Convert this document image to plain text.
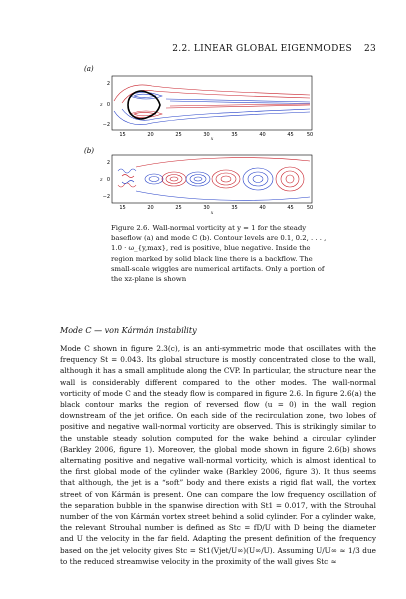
2.2. LINEAR GLOBAL EIGENMODES 23
(a)
z
2
0
−2
15	20	25	30	35	40	45	50
x
(b)
z
2
0
−2
15	20	25	30	35	40	45	50
x
Figure 2.6. Wall-normal vorticity at y = 1 for the steady baseflow (a) and mode C (b). Contour levels are 0.1, 0.2, . . . , 1.0 · ω_{y,max}, red is positive, blue negative. Inside the region marked by solid black line there is a backflow. The small-scale wiggles are numerical artifacts. Only a portion of the xz-plane is shown
Mode C — von Kármán instability

Mode C shown in figure 2.3(c), is an anti-symmetric mode that oscillates with the frequency St = 0.043. Its global structure is mostly concentrated close to the wall, although it has a small amplitude along the CVP. In particular, the structure near the wall is considerably different compared to the other modes. The wall-normal vorticity of mode C and the steady flow is compared in figure 2.6. In figure 2.6(a) the black contour marks the region of reversed flow (u = 0) in the wall region downstream of the jet orifice. On each side of the recirculation zone, two lobes of positive and negative wall-normal vorticity are observed. This is strikingly similar to the unstable steady solution computed for the wake behind a circular cylinder (Barkley 2006, figure 1). Moreover, the global mode shown in figure 2.6(b) shows alternating positive and negative wall-normal vorticity, which is almost identical to the first global mode of the cylinder wake (Barkley 2006, figure 3). It thus seems that although, the jet is a “soft” body and there exists a rigid flat wall, the vortex street of von Kármán is present. One can compare the low frequency oscillation of the separation bubble in the spanwise direction with St1 = 0.017, with the Strouhal number of the von Kármán vortex street behind a solid cylinder. For a cylinder wake, the relevant Strouhal number is defined as Stc = fD/U with D being the diameter and U the velocity in the far field. Adapting the present definition of the frequency based on the jet velocity gives Stc = St1(Vjet/U∞)(U∞/U). Assuming U/U∞ ≈ 1/3 due to the reduced streamwise velocity in the proximity of the wall gives Stc ≈
